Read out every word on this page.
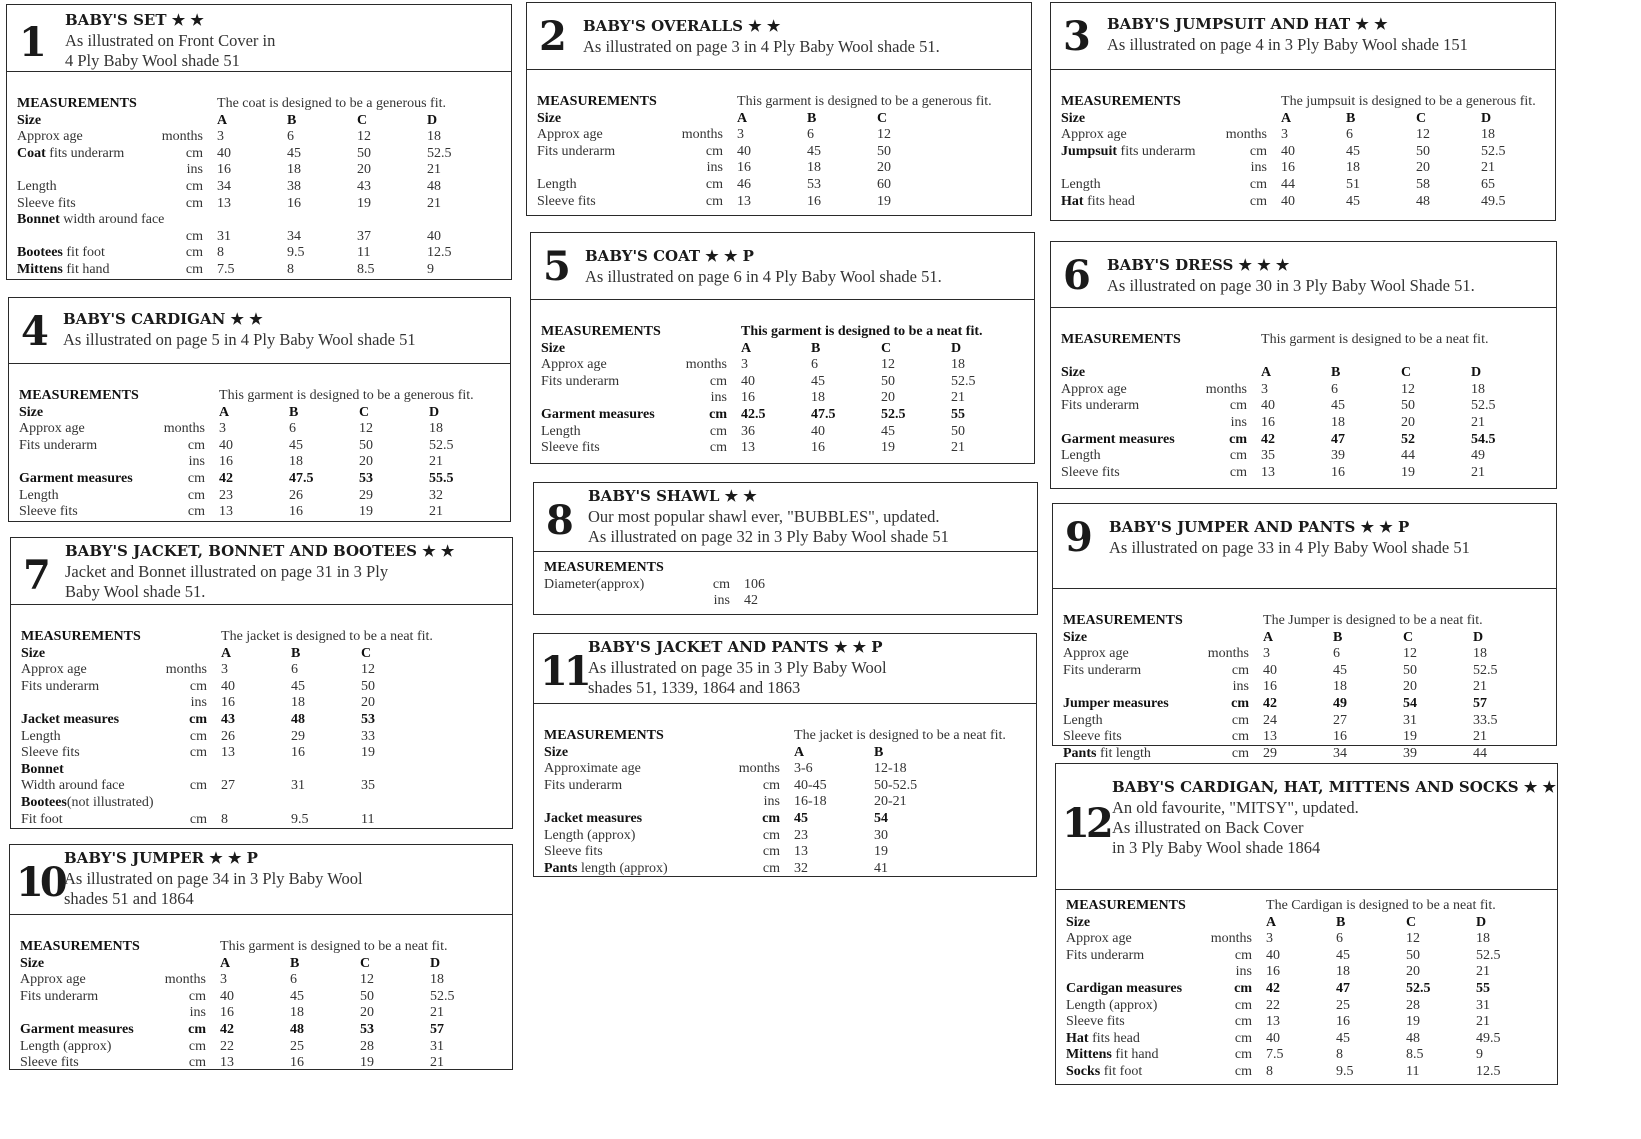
1 BABY'S SET ★ ★
As illustrated on Front Cover in
4 Ply Baby Wool shade 51
MEASUREMENTS		The coat is designed to be a generous fit.			
Size		A	B	C	D
Approx age	months	3	6	12	18
Coat fits underarm	cm	40	45	50	52.5
	ins	16	18	20	21
Length	cm	34	38	43	48
Sleeve fits	cm	13	16	19	21
Bonnet width around face					
	cm	31	34	37	40
Bootees fit foot	cm	8	9.5	11	12.5
Mittens fit hand	cm	7.5	8	8.5	9
2 BABY'S OVERALLS ★ ★
As illustrated on page 3 in 4 Ply Baby Wool shade 51.
MEASUREMENTS		This garment is designed to be a generous fit.		
Size		A	B	C
Approx age	months	3	6	12
Fits underarm	cm	40	45	50
	ins	16	18	20
Length	cm	46	53	60
Sleeve fits	cm	13	16	19
3 BABY'S JUMPSUIT AND HAT ★ ★
As illustrated on page 4 in 3 Ply Baby Wool shade 151
MEASUREMENTS		The jumpsuit is designed to be a generous fit.			
Size		A	B	C	D
Approx age	months	3	6	12	18
Jumpsuit fits underarm	cm	40	45	50	52.5
	ins	16	18	20	21
Length	cm	44	51	58	65
Hat fits head	cm	40	45	48	49.5
4 BABY'S CARDIGAN ★ ★
As illustrated on page 5 in 4 Ply Baby Wool shade 51
MEASUREMENTS		This garment is designed to be a generous fit.			
Size		A	B	C	D
Approx age	months	3	6	12	18
Fits underarm	cm	40	45	50	52.5
	ins	16	18	20	21
Garment measures	cm	42	47.5	53	55.5
Length	cm	23	26	29	32
Sleeve fits	cm	13	16	19	21
5 BABY'S COAT ★ ★ P
As illustrated on page 6 in 4 Ply Baby Wool shade 51.
MEASUREMENTS		This garment is designed to be a neat fit.			
Size		A	B	C	D
Approx age	months	3	6	12	18
Fits underarm	cm	40	45	50	52.5
	ins	16	18	20	21
Garment measures	cm	42.5	47.5	52.5	55
Length	cm	36	40	45	50
Sleeve fits	cm	13	16	19	21
6 BABY'S DRESS ★ ★ ★
As illustrated on page 30 in 3 Ply Baby Wool Shade 51.
MEASUREMENTS		This garment is designed to be a neat fit.			

Size		A	B	C	D
Approx age	months	3	6	12	18
Fits underarm	cm	40	45	50	52.5
	ins	16	18	20	21
Garment measures	cm	42	47	52	54.5
Length	cm	35	39	44	49
Sleeve fits	cm	13	16	19	21
7
BABY'S JACKET, BONNET AND BOOTEES ★ ★
Jacket and Bonnet illustrated on page 31 in 3 Ply
Baby Wool shade 51.
MEASUREMENTS		The jacket is designed to be a neat fit.		
Size		A	B	C
Approx age	months	3	6	12
Fits underarm	cm	40	45	50
	ins	16	18	20
Jacket measures	cm	43	48	53
Length	cm	26	29	33
Sleeve fits	cm	13	16	19
Bonnet				
Width around face	cm	27	31	35
Bootees(not illustrated)				
Fit foot	cm	8	9.5	11
8
BABY'S SHAWL ★ ★
Our most popular shawl ever, "BUBBLES", updated.
As illustrated on page 32 in 3 Ply Baby Wool shade 51
MEASUREMENTS		
Diameter(approx)	cm	106
	ins	42
9 BABY'S JUMPER AND PANTS ★ ★ P
As illustrated on page 33 in 4 Ply Baby Wool shade 51
MEASUREMENTS		The Jumper is designed to be a neat fit.			
Size		A	B	C	D
Approx age	months	3	6	12	18
Fits underarm	cm	40	45	50	52.5
	ins	16	18	20	21
Jumper measures	cm	42	49	54	57
Length	cm	24	27	31	33.5
Sleeve fits	cm	13	16	19	21
Pants fit length	cm	29	34	39	44
10
BABY'S JUMPER ★ ★ P
As illustrated on page 34 in 3 Ply Baby Wool
shades 51 and 1864
MEASUREMENTS		This garment is designed to be a neat fit.			
Size		A	B	C	D
Approx age	months	3	6	12	18
Fits underarm	cm	40	45	50	52.5
	ins	16	18	20	21
Garment measures	cm	42	48	53	57
Length (approx)	cm	22	25	28	31
Sleeve fits	cm	13	16	19	21
11
BABY'S JACKET AND PANTS ★ ★ P
As illustrated on page 35 in 3 Ply Baby Wool
shades 51, 1339, 1864 and 1863
MEASUREMENTS		The jacket is designed to be a neat fit.	
Size		A	B
Approximate age	months	3-6	12-18
Fits underarm	cm	40-45	50-52.5
	ins	16-18	20-21
Jacket measures	cm	45	54
Length (approx)	cm	23	30
Sleeve fits	cm	13	19
Pants length (approx)	cm	32	41
12
BABY'S CARDIGAN, HAT, MITTENS AND SOCKS ★ ★
An old favourite, "MITSY", updated.
As illustrated on Back Cover
in 3 Ply Baby Wool shade 1864
MEASUREMENTS		The Cardigan is designed to be a neat fit.			
Size		A	B	C	D
Approx age	months	3	6	12	18
Fits underarm	cm	40	45	50	52.5
	ins	16	18	20	21
Cardigan measures	cm	42	47	52.5	55
Length (approx)	cm	22	25	28	31
Sleeve fits	cm	13	16	19	21
Hat fits head	cm	40	45	48	49.5
Mittens fit hand	cm	7.5	8	8.5	9
Socks fit foot	cm	8	9.5	11	12.5
